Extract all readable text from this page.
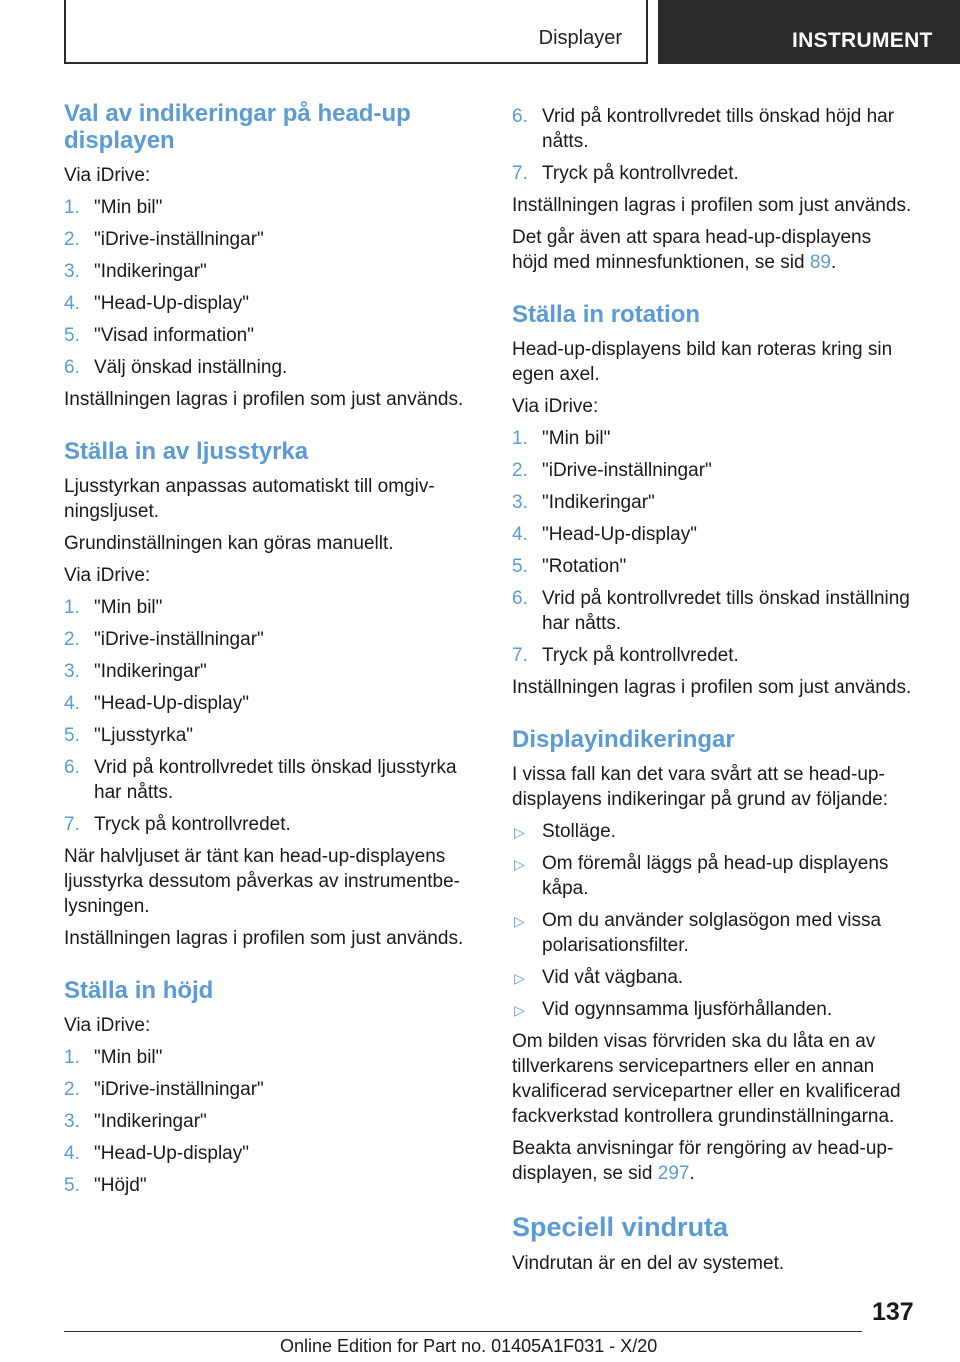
Displayer	INSTRUMENT
Val av indikeringar på head-up displayen

Via iDrive:

1. "Min bil"
2. "iDrive-inställningar"
3. "Indikeringar"
4. "Head-Up-display"
5. "Visad information"
6. Välj önskad inställning.

Inställningen lagras i profilen som just används.

Ställa in av ljusstyrka

Ljusstyrkan anpassas automatiskt till omgivningsljuset.

Grundinställningen kan göras manuellt.

Via iDrive:

1. "Min bil"
2. "iDrive-inställningar"
3. "Indikeringar"
4. "Head-Up-display"
5. "Ljusstyrka"
6. Vrid på kontrollvredet tills önskad ljusstyrka har nåtts.
7. Tryck på kontrollvredet.

När halvljuset är tänt kan head-up-displayens ljusstyrka dessutom påverkas av instrumentbelysningen.

Inställningen lagras i profilen som just används.

Ställa in höjd

Via iDrive:

1. "Min bil"
2. "iDrive-inställningar"
3. "Indikeringar"
4. "Head-Up-display"
5. "Höjd"
6. Vrid på kontrollvredet tills önskad höjd har nåtts.
7. Tryck på kontrollvredet.

Inställningen lagras i profilen som just används.

Det går även att spara head-up-displayens höjd med minnesfunktionen, se sid 89.

Ställa in rotation

Head-up-displayens bild kan roteras kring sin egen axel.

Via iDrive:

1. "Min bil"
2. "iDrive-inställningar"
3. "Indikeringar"
4. "Head-Up-display"
5. "Rotation"
6. Vrid på kontrollvredet tills önskad inställning har nåtts.
7. Tryck på kontrollvredet.

Inställningen lagras i profilen som just används.

Displayindikeringar

I vissa fall kan det vara svårt att se head-up-displayens indikeringar på grund av följande:

▷ Stolläge.
▷ Om föremål läggs på head-up displayens kåpa.
▷ Om du använder solglasögon med vissa polarisationsfilter.
▷ Vid våt vägbana.
▷ Vid ogynnsamma ljusförhållanden.

Om bilden visas förvriden ska du låta en av tillverkarens servicepartners eller en annan kvalificerad servicepartner eller en kvalificerad fackverkstad kontrollera grundinställningarna.

Beakta anvisningar för rengöring av head-up-displayen, se sid 297.

Speciell vindruta

Vindrutan är en del av systemet.

137
Online Edition for Part no. 01405A1F031 - X/20
